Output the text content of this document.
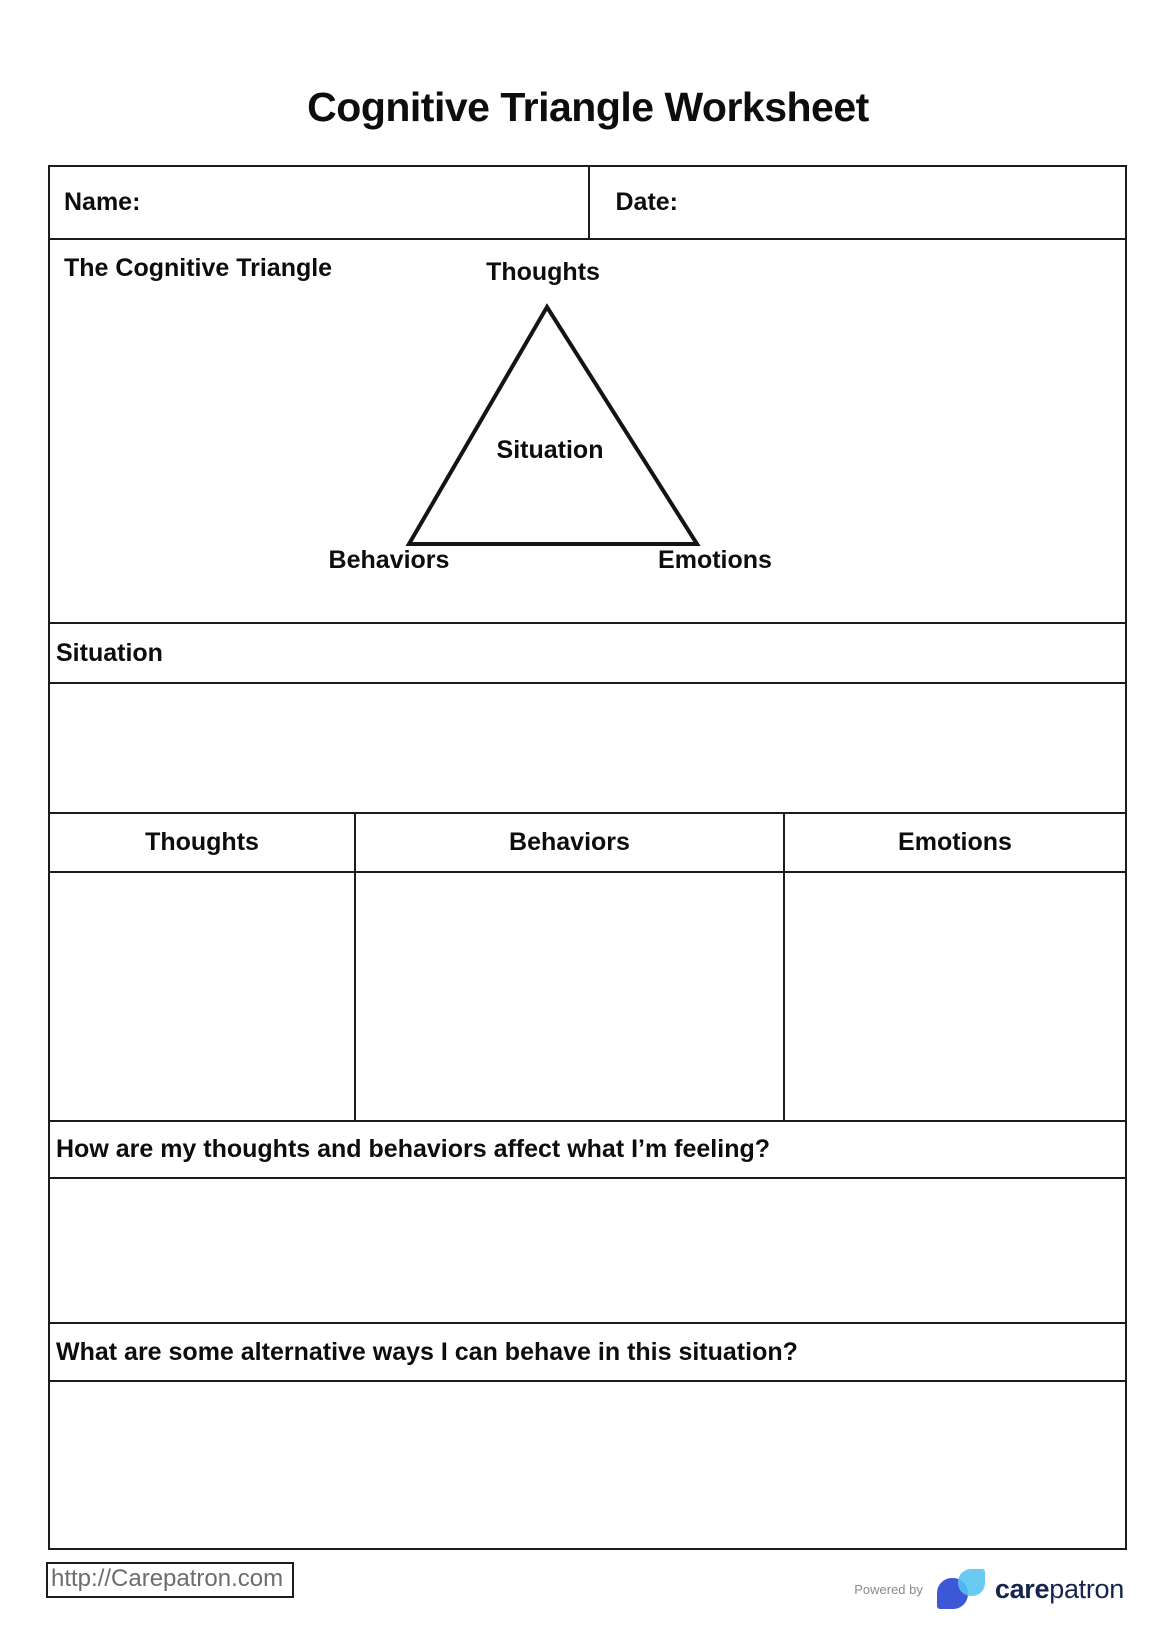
Cognitive Triangle Worksheet
Name:	Date:
The Cognitive Triangle	Thoughts
Situation
Behaviors	Emotions
Situation
Thoughts	Behaviors	Emotions
How are my thoughts and behaviors affect what I’m feeling?
What are some alternative ways I can behave in this situation?
http://Carepatron.com	Powered by	carepatron
